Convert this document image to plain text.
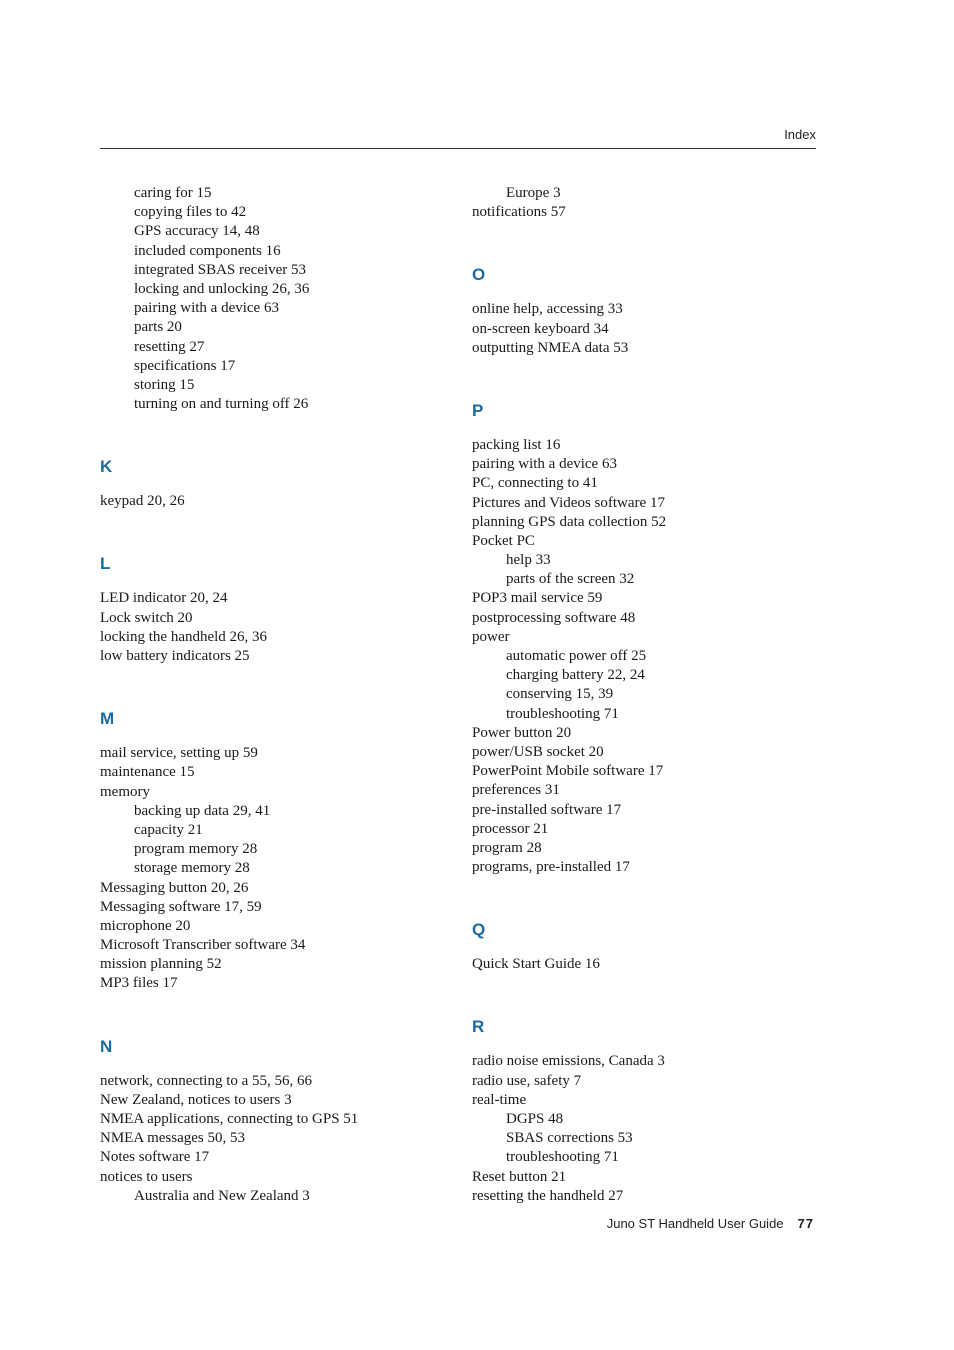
Index
caring for 15
copying files to 42
GPS accuracy 14, 48
included components 16
integrated SBAS receiver 53
locking and unlocking 26, 36
pairing with a device 63
parts 20
resetting 27
specifications 17
storing 15
turning on and turning off 26
K
keypad 20, 26
L
LED indicator 20, 24
Lock switch 20
locking the handheld 26, 36
low battery indicators 25
M
mail service, setting up 59
maintenance 15
memory
backing up data 29, 41
capacity 21
program memory 28
storage memory 28
Messaging button 20, 26
Messaging software 17, 59
microphone 20
Microsoft Transcriber software 34
mission planning 52
MP3 files 17
N
network, connecting to a 55, 56, 66
New Zealand, notices to users 3
NMEA applications, connecting to GPS 51
NMEA messages 50, 53
Notes software 17
notices to users
Australia and New Zealand 3
Europe 3
notifications 57
O
online help, accessing 33
on-screen keyboard 34
outputting NMEA data 53
P
packing list 16
pairing with a device 63
PC, connecting to 41
Pictures and Videos software 17
planning GPS data collection 52
Pocket PC
help 33
parts of the screen 32
POP3 mail service 59
postprocessing software 48
power
automatic power off 25
charging battery 22, 24
conserving 15, 39
troubleshooting 71
Power button 20
power/USB socket 20
PowerPoint Mobile software 17
preferences 31
pre-installed software 17
processor 21
program 28
programs, pre-installed 17
Q
Quick Start Guide 16
R
radio noise emissions, Canada 3
radio use, safety 7
real-time
DGPS 48
SBAS corrections 53
troubleshooting 71
Reset button 21
resetting the handheld 27
Juno ST Handheld User Guide 77
